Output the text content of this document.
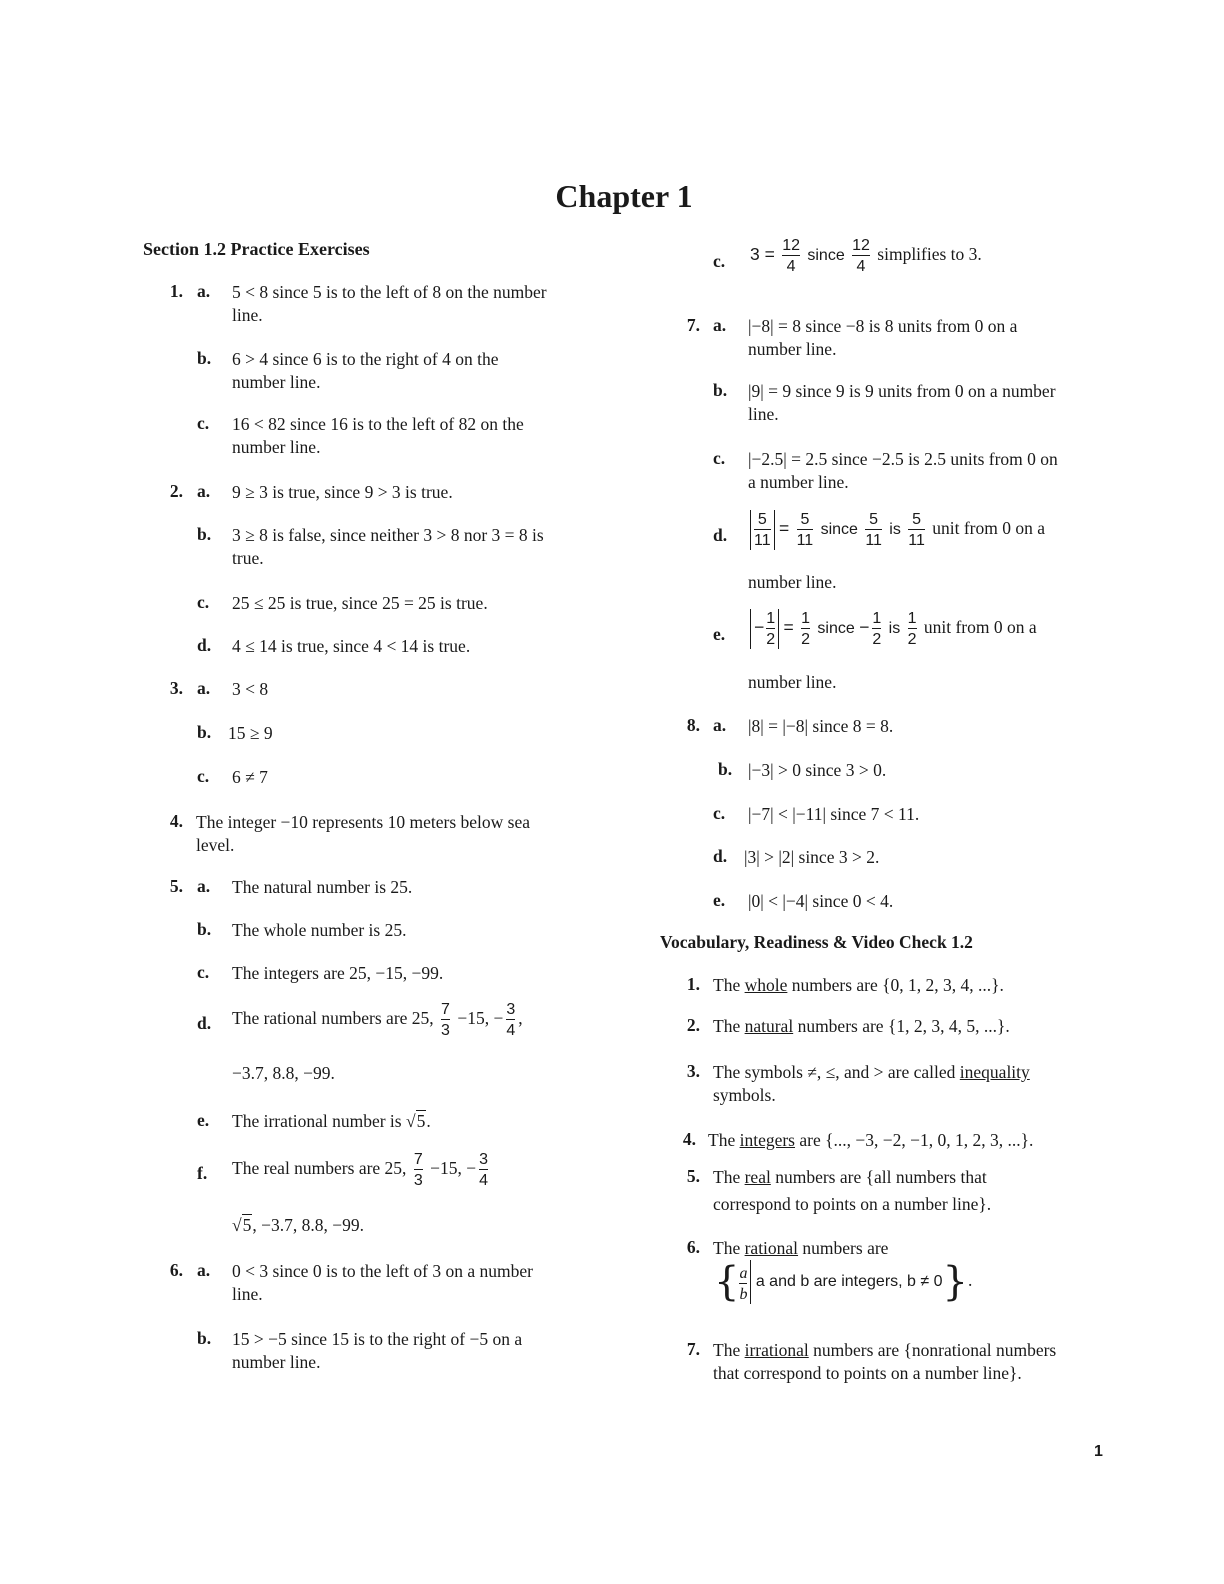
Chapter 1
Section 1.2 Practice Exercises
1. a. 5 < 8 since 5 is to the left of 8 on the number
line.
b. 6 > 4 since 6 is to the right of 4 on the
number line.
c. 16 < 82 since 16 is to the left of 82 on the
number line.
2. a. 9 ≥ 3 is true, since 9 > 3 is true.
b. 3 ≥ 8 is false, since neither 3 > 8 nor 3 = 8 is
true.
c. 25 ≤ 25 is true, since 25 = 25 is true.
d. 4 ≤ 14 is true, since 4 < 14 is true.
3. a. 3 < 8
b. 15 ≥ 9
c. 6 ≠ 7
4. The integer −10 represents 10 meters below sea
level.
5. a. The natural number is 25.
b. The whole number is 25.
c. The integers are 25, −15, −99.
d. The rational numbers are 25, $\frac{7}{3} -15$, − $\frac{3}{4}$ ,
−3.7, 8.8, −99.
e. The irrational number is √5.
f. The real numbers are 25, $\frac{7}{3} -15$, − $\frac{3}{4}$
√5, −3.7, 8.8, −99.
6. a. 0 < 3 since 0 is to the left of 3 on a number
line.
b. 15 > −5 since 15 is to the right of −5 on a
number line.
c. $3 = \frac{12}{4}$ since $\frac{12}{4}$ simplifies to 3.
7. a. |−8| = 8 since −8 is 8 units from 0 on a
number line.
b. |9| = 9 since 9 is 9 units from 0 on a number
line.
c. |−2.5| = 2.5 since −2.5 is 2.5 units from 0 on
a number line.
d. $\frac{5}{11} = \frac{5}{11}$ since $\frac{5}{11}$ is $\frac{5}{11}$ unit from 0 on a
number line.
e. − $\frac{1}{2} = \frac{1}{2}$ since − $\frac{1}{2}$ is $\frac{1}{2}$ unit from 0 on a
number line.
8. a. |8| = |−8| since 8 = 8.
b. |−3| > 0 since 3 > 0.
c. |−7| < |−11| since 7 < 11.
d. |3| > |2| since 3 > 2.
e. |0| < |−4| since 0 < 4.
Vocabulary, Readiness & Video Check 1.2
1. The whole numbers are {0, 1, 2, 3, 4, ...}.
2. The natural numbers are {1, 2, 3, 4, 5, ...}.
3. The symbols ≠, ≤, and > are called inequality
symbols.
4. The integers are {..., −3, −2, −1, 0, 1, 2, 3, ...}.
5. The real numbers are {all numbers that
correspond to points on a number line}.
6. The rational numbers are
{ $\frac{a}{b}$ a and b are integers, b ≠ 0}.
7. The irrational numbers are {nonrational numbers
that correspond to points on a number line}.
1
